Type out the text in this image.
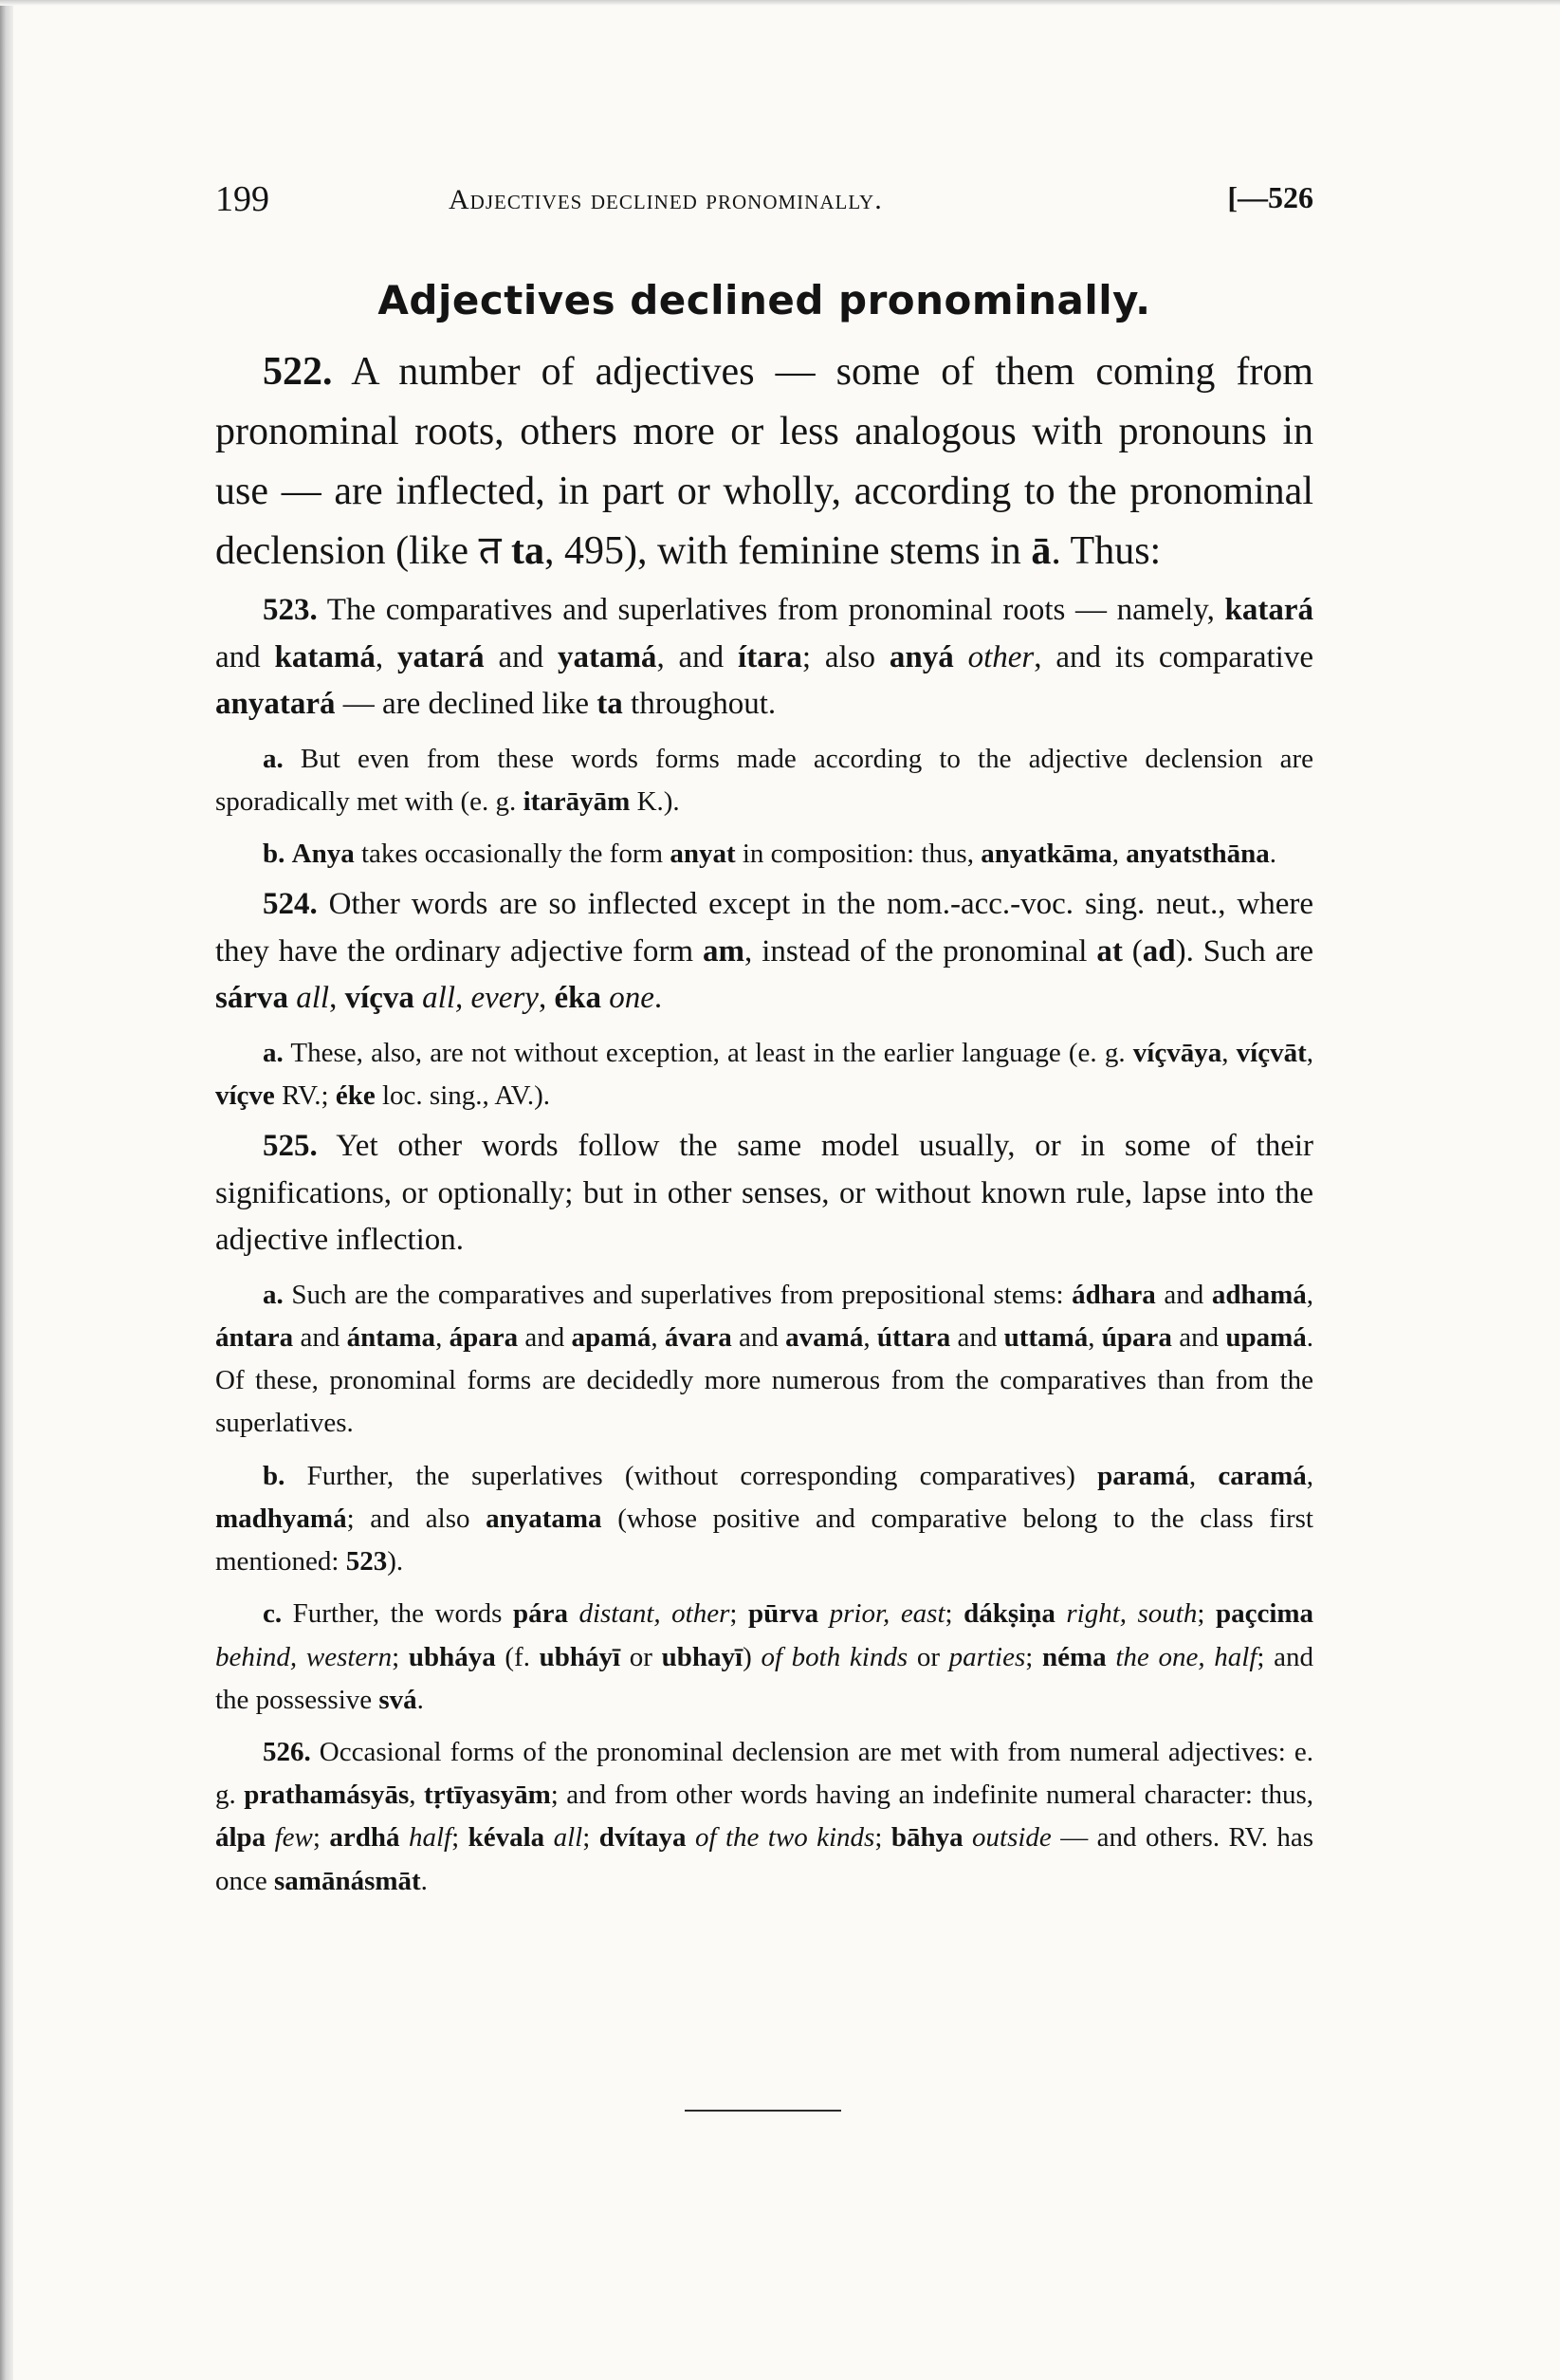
199	Adjectives declined pronominally.	[—526
Adjectives declined pronominally.

522. A number of adjectives — some of them coming from pronominal roots, others more or less analogous with pronouns in use — are inflected, in part or wholly, according to the pronominal declension (like त ta, 495), with feminine stems in ā. Thus:

523. The comparatives and superlatives from pronominal roots — namely, katará and katamá, yatará and yatamá, and ítara; also anyá other, and its comparative anyatará — are declined like ta throughout.

a. But even from these words forms made according to the adjective declension are sporadically met with (e. g. itarāyām K.).

b. Anya takes occasionally the form anyat in composition: thus, anyatkāma, anyatsthāna.

524. Other words are so inflected except in the nom.-acc.-voc. sing. neut., where they have the ordinary adjective form am, instead of the pronominal at (ad). Such are sárva all, víçva all, every, éka one.

a. These, also, are not without exception, at least in the earlier language (e. g. víçvāya, víçvāt, víçve RV.; éke loc. sing., AV.).

525. Yet other words follow the same model usually, or in some of their significations, or optionally; but in other senses, or without known rule, lapse into the adjective inflection.

a. Such are the comparatives and superlatives from prepositional stems: ádhara and adhamá, ántara and ántama, ápara and apamá, ávara and avamá, úttara and uttamá, úpara and upamá. Of these, pronominal forms are decidedly more numerous from the comparatives than from the superlatives.

b. Further, the superlatives (without corresponding comparatives) paramá, caramá, madhyamá; and also anyatama (whose positive and comparative belong to the class first mentioned: 523).

c. Further, the words pára distant, other; pūrva prior, east; dákṣiṇa right, south; paçcima behind, western; ubháya (f. ubháyī or ubhayī) of both kinds or parties; néma the one, half; and the possessive svá.

526. Occasional forms of the pronominal declension are met with from numeral adjectives: e. g. prathamásyās, tṛtīyasyām; and from other words having an indefinite numeral character: thus, álpa few; ardhá half; kévala all; dvítaya of the two kinds; bāhya outside — and others. RV. has once samānásmāt.
